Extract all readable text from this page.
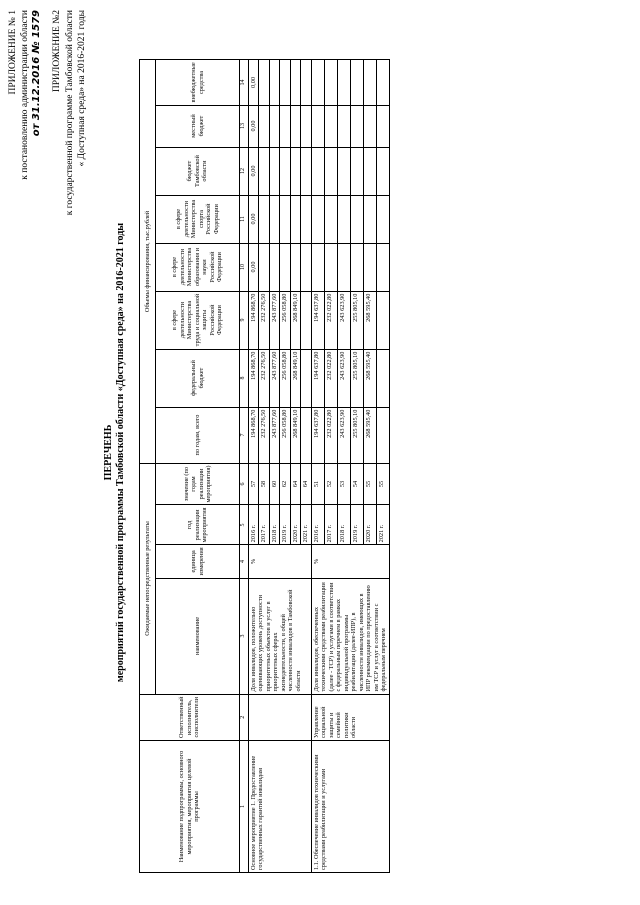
ПРИЛОЖЕНИЕ № 1 к постановлению администрации области от 31.12.2016 № 1579 ПРИЛОЖЕНИЕ №2 к государственной программе Тамбовской области « Доступная среда» на 2016-2021 годы
ПЕРЕЧЕНЬ мероприятий государственной программы Тамбовской области «Доступная среда» на 2016-2021 годы
Наименование подпрограммы, основного мероприятия, мероприятия целевой программы	Ответственный исполнитель, соисполнители	Ожидаемые непосредственные результаты				Объемы финансирования, тыс.рублей							
		наименование	единица измерения	год реализации мероприятия	значение (по годам реализации мероприятия)	по годам, всего	федеральный бюджет	в сфере деятельности Министерства труда и социальной защиты Российской Федерации	в сфере деятельности Министерства образования и науки Российской Федерации	в сфере деятельности Министерства спорта Российской Федерации	бюджет Тамбовской области	местный бюджет	внебюджетные средства
1	2	3	4	5	6	7	8	9	10	11	12	13	14
Основное мероприятие 1. Предоставление государственных гарантий инвалидам		Доля инвалидов, положительно оценивающих уровень доступности приоритетных объектов и услуг в приоритетных сферах жизнедеятельности, в общей численности инвалидов в Тамбовской области	%	2016 г.	57	194 868,70	194 868,70	194 868,70	0,00	0,00	0,00	0,00	0,00
				2017 г.	58	232 276,50	232 276,50	232 276,50					
				2018 г.	60	243 877,60	243 877,60	243 877,60					
				2019 г.	62	256 058,80	256 058,80	256 058,80					
				2020 г.	64	268 849,10	268 849,10	268 849,10					
				2021 г.	64								
1.1. Обеспечение инвалидов техническими средствами реабилитации и услугами	Управление социальной защиты и семейной политики области	Доля инвалидов, обеспеченных техническими средствами реабилитации (далее - ТСР) и услугами в соответствии с федеральным перечнем в рамках индивидуальной программы реабилитации (далее-ИПР), в численности инвалидов, имеющих в ИПР рекомендации по предоставлению им ТСР и услуг в соответствии с федеральным перечнем	%	2016 г.	51	194 637,80	194 637,80	194 637,80					
				2017 г.	52	232 022,80	232 022,80	232 022,80					
				2018 г.	53	243 623,90	243 623,90	243 623,90					
				2019 г.	54	255 805,10	255 805,10	255 805,10					
				2020 г.	55	268 595,40	268 595,40	268 595,40					
				2021 г.	55								
